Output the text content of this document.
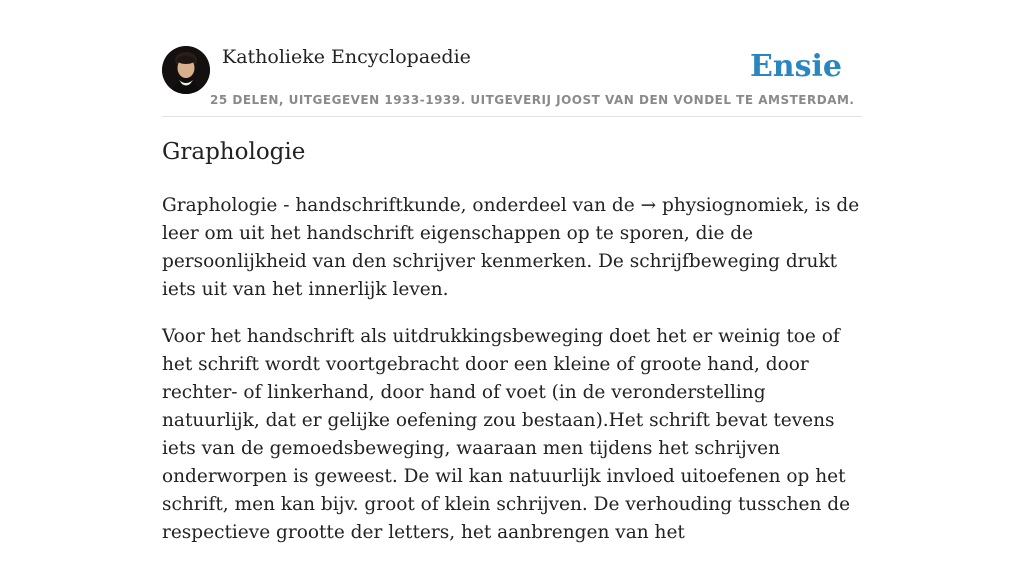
Katholieke Encyclopaedie
25 DELEN, UITGEGEVEN 1933-1939. UITGEVERIJ JOOST VAN DEN VONDEL TE AMSTERDAM.
Ensie
Graphologie

Graphologie - handschriftkunde, onderdeel van de → physiognomiek, is de leer om uit het handschrift eigenschappen op te sporen, die de persoonlijkheid van den schrijver kenmerken. De schrijfbeweging drukt iets uit van het innerlijk leven.

Voor het handschrift als uitdrukkingsbeweging doet het er weinig toe of het schrift wordt voortgebracht door een kleine of groote hand, door rechter- of linkerhand, door hand of voet (in de veronderstelling natuurlijk, dat er gelijke oefening zou bestaan).Het schrift bevat tevens iets van de gemoedsbeweging, waaraan men tijdens het schrijven onderworpen is geweest. De wil kan natuurlijk invloed uitoefenen op het schrift, men kan bijv. groot of klein schrijven. De verhouding tusschen de respectieve grootte der letters, het aanbrengen van het
